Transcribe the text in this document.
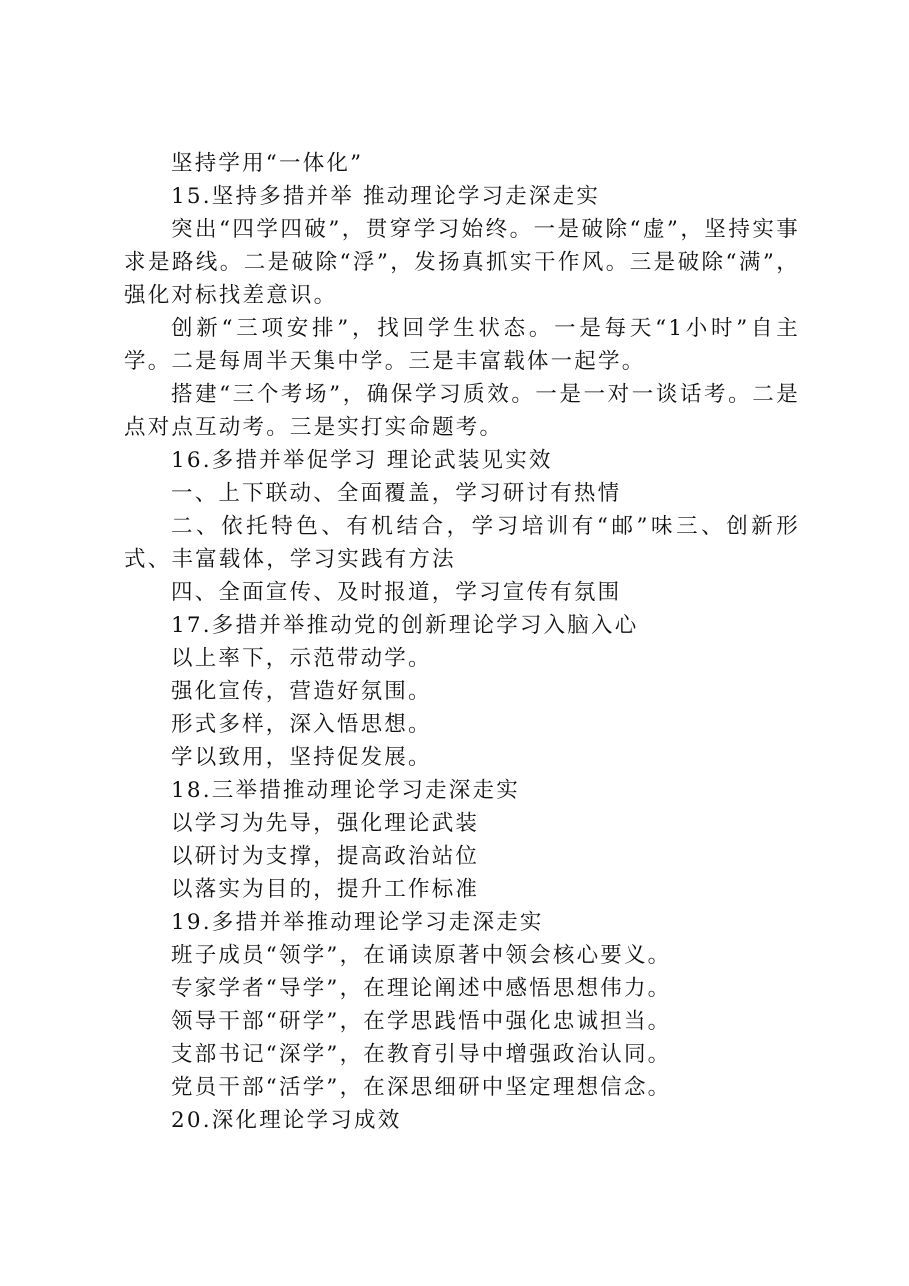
坚持学用“一体化”

15.坚持多措并举 推动理论学习走深走实

突出“四学四破”，贯穿学习始终。一是破除“虚”，坚持实事求是路线。二是破除“浮”，发扬真抓实干作风。三是破除“满”，强化对标找差意识。

创新“三项安排”，找回学生状态。一是每天“1小时”自主学。二是每周半天集中学。三是丰富载体一起学。

搭建“三个考场”，确保学习质效。一是一对一谈话考。二是点对点互动考。三是实打实命题考。

16.多措并举促学习 理论武装见实效

一、上下联动、全面覆盖，学习研讨有热情

二、依托特色、有机结合，学习培训有“邮”味三、创新形式、丰富载体，学习实践有方法

四、全面宣传、及时报道，学习宣传有氛围

17.多措并举推动党的创新理论学习入脑入心

以上率下，示范带动学。

强化宣传，营造好氛围。

形式多样，深入悟思想。

学以致用，坚持促发展。

18.三举措推动理论学习走深走实

以学习为先导，强化理论武装

以研讨为支撑，提高政治站位

以落实为目的，提升工作标准

19.多措并举推动理论学习走深走实

班子成员“领学”，在诵读原著中领会核心要义。

专家学者“导学”，在理论阐述中感悟思想伟力。

领导干部“研学”，在学思践悟中强化忠诚担当。

支部书记“深学”，在教育引导中增强政治认同。

党员干部“活学”，在深思细研中坚定理想信念。

20.深化理论学习成效
